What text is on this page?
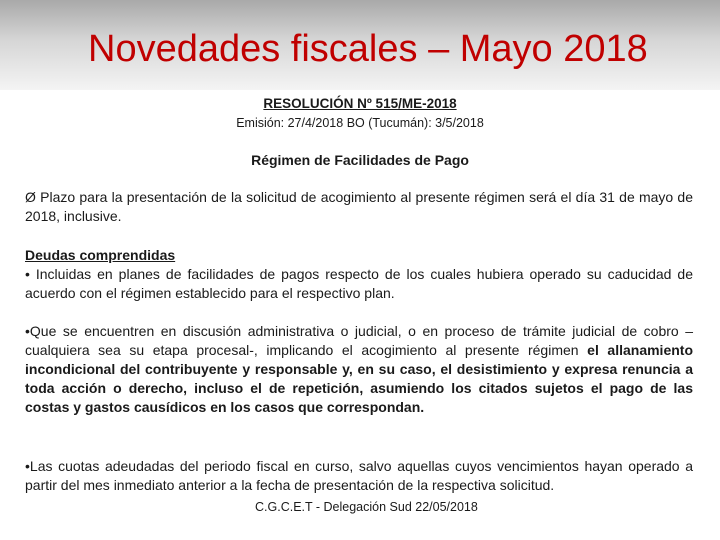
Novedades fiscales – Mayo 2018
RESOLUCIÓN Nº 515/ME-2018
Emisión: 27/4/2018 BO (Tucumán): 3/5/2018
Régimen de Facilidades de Pago
Ø Plazo para la presentación de la solicitud de acogimiento al presente régimen será el día 31 de mayo de 2018, inclusive.
Deudas comprendidas
• Incluidas en planes de facilidades de pagos respecto de los cuales hubiera operado su caducidad de acuerdo con el régimen establecido para el respectivo plan.
•Que se encuentren en discusión administrativa o judicial, o en proceso de trámite judicial de cobro –cualquiera sea su etapa procesal-, implicando el acogimiento al presente régimen el allanamiento incondicional del contribuyente y responsable y, en su caso, el desistimiento y expresa renuncia a toda acción o derecho, incluso el de repetición, asumiendo los citados sujetos el pago de las costas y gastos causídicos en los casos que correspondan.
•Las cuotas adeudadas del periodo fiscal en curso, salvo aquellas cuyos vencimientos hayan operado a partir del mes inmediato anterior a la fecha de presentación de la respectiva solicitud.
C.G.C.E.T - Delegación Sud 22/05/2018
